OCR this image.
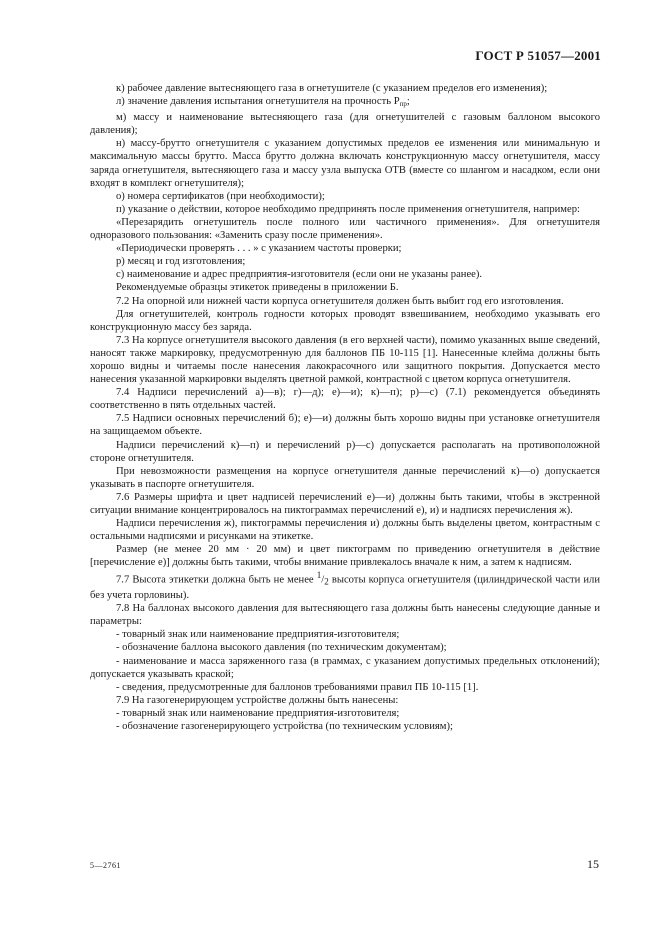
ГОСТ Р 51057—2001

к) рабочее давление вытесняющего газа в огнетушителе (с указанием пределов его изменения);

л) значение давления испытания огнетушителя на прочность $P_{пр}$;

м) массу и наименование вытесняющего газа (для огнетушителей с газовым баллоном высокого давления);

н) массу-брутто огнетушителя с указанием допустимых пределов ее изменения или минимальную и максимальную массы брутто. Масса брутто должна включать конструкционную массу огнетушителя, массу заряда огнетушителя, вытесняющего газа и массу узла выпуска ОТВ (вместе со шлангом и насадком, если они входят в комплект огнетушителя);

о) номера сертификатов (при необходимости);

п) указание о действии, которое необходимо предпринять после применения огнетушителя, например:

«Перезарядить огнетушитель после полного или частичного применения». Для огнетушителя одноразового пользования: «Заменить сразу после применения».

«Периодически проверять . . . » с указанием частоты проверки;

р) месяц и год изготовления;

с) наименование и адрес предприятия-изготовителя (если они не указаны ранее).

Рекомендуемые образцы этикеток приведены в приложении Б.

7.2 На опорной или нижней части корпуса огнетушителя должен быть выбит год его изготовления.

Для огнетушителей, контроль годности которых проводят взвешиванием, необходимо указывать его конструкционную массу без заряда.

7.3 На корпусе огнетушителя высокого давления (в его верхней части), помимо указанных выше сведений, наносят также маркировку, предусмотренную для баллонов ПБ 10-115 [1]. Нанесенные клейма должны быть хорошо видны и читаемы после нанесения лакокрасочного или защитного покрытия. Допускается место нанесения указанной маркировки выделять цветной рамкой, контрастной с цветом корпуса огнетушителя.

7.4 Надписи перечислений а)—в); г)—д); е)—и); к)—п); р)—с) (7.1) рекомендуется объединять соответственно в пять отдельных частей.

7.5 Надписи основных перечислений б); е)—и) должны быть хорошо видны при установке огнетушителя на защищаемом объекте.

Надписи перечислений к)—п) и перечислений р)—с) допускается располагать на противоположной стороне огнетушителя.

При невозможности размещения на корпусе огнетушителя данные перечислений к)—о) допускается указывать в паспорте огнетушителя.

7.6 Размеры шрифта и цвет надписей перечислений е)—и) должны быть такими, чтобы в экстренной ситуации внимание концентрировалось на пиктограммах перечислений е), и) и надписях перечисления ж).

Надписи перечисления ж), пиктограммы перечисления и) должны быть выделены цветом, контрастным с остальными надписями и рисунками на этикетке.

Размер (не менее 20 мм · 20 мм) и цвет пиктограмм по приведению огнетушителя в действие [перечисление е)] должны быть такими, чтобы внимание привлекалось вначале к ним, а затем к надписям.

7.7 Высота этикетки должна быть не менее $^1/_2$ высоты корпуса огнетушителя (цилиндрической части или без учета горловины).

7.8 На баллонах высокого давления для вытесняющего газа должны быть нанесены следующие данные и параметры:

- товарный знак или наименование предприятия-изготовителя;

- обозначение баллона высокого давления (по техническим документам);

- наименование и масса заряженного газа (в граммах, с указанием допустимых предельных отклонений); допускается указывать краской;

- сведения, предусмотренные для баллонов требованиями правил ПБ 10-115 [1].

7.9 На газогенерирующем устройстве должны быть нанесены:

- товарный знак или наименование предприятия-изготовителя;

- обозначение газогенерирующего устройства (по техническим условиям);

5—2761	15
